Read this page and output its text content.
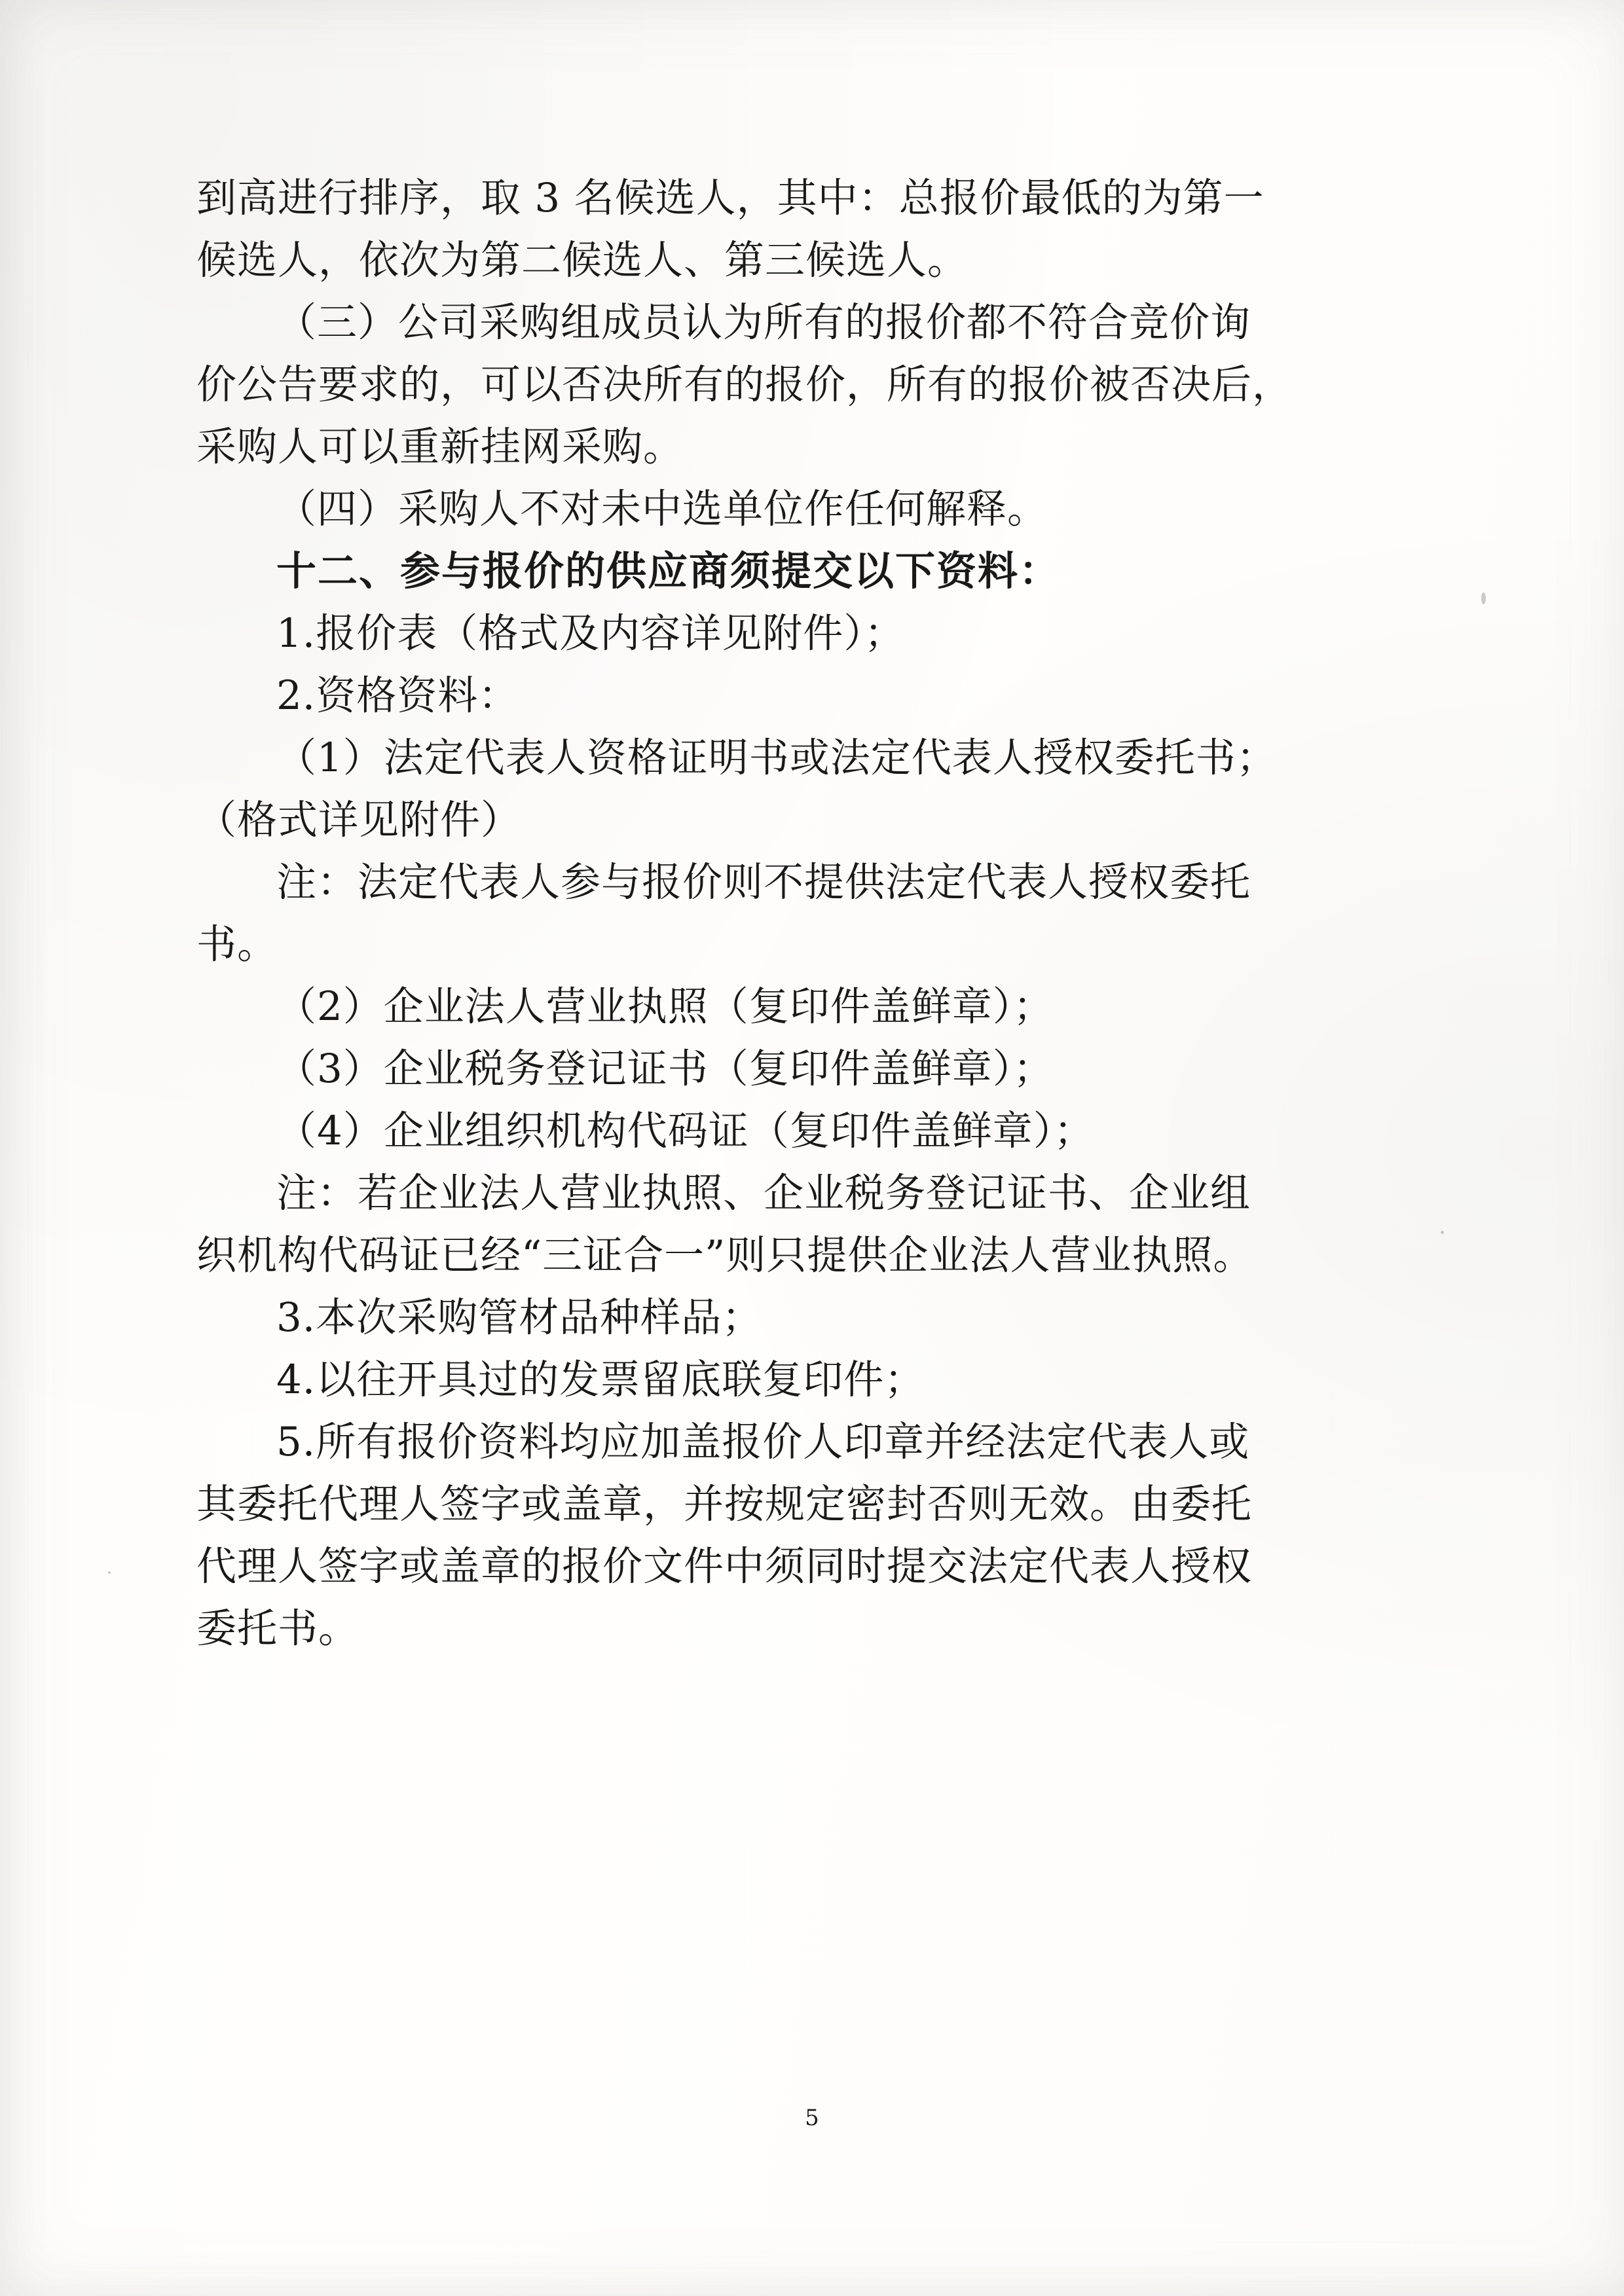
到高进行排序，取 3 名候选人，其中：总报价最低的为第一
候选人，依次为第二候选人、第三候选人。
（三）公司采购组成员认为所有的报价都不符合竞价询
价公告要求的，可以否决所有的报价，所有的报价被否决后，
采购人可以重新挂网采购。
（四）采购人不对未中选单位作任何解释。
十二、参与报价的供应商须提交以下资料：
1.报价表（格式及内容详见附件）；
2.资格资料：
（1）法定代表人资格证明书或法定代表人授权委托书；
（格式详见附件）
注：法定代表人参与报价则不提供法定代表人授权委托
书。
（2）企业法人营业执照（复印件盖鲜章）；
（3）企业税务登记证书（复印件盖鲜章）；
（4）企业组织机构代码证（复印件盖鲜章）；
注：若企业法人营业执照、企业税务登记证书、企业组
织机构代码证已经“三证合一”则只提供企业法人营业执照。
3.本次采购管材品种样品；
4.以往开具过的发票留底联复印件；
5.所有报价资料均应加盖报价人印章并经法定代表人或
其委托代理人签字或盖章，并按规定密封否则无效。由委托
代理人签字或盖章的报价文件中须同时提交法定代表人授权
委托书。
5
